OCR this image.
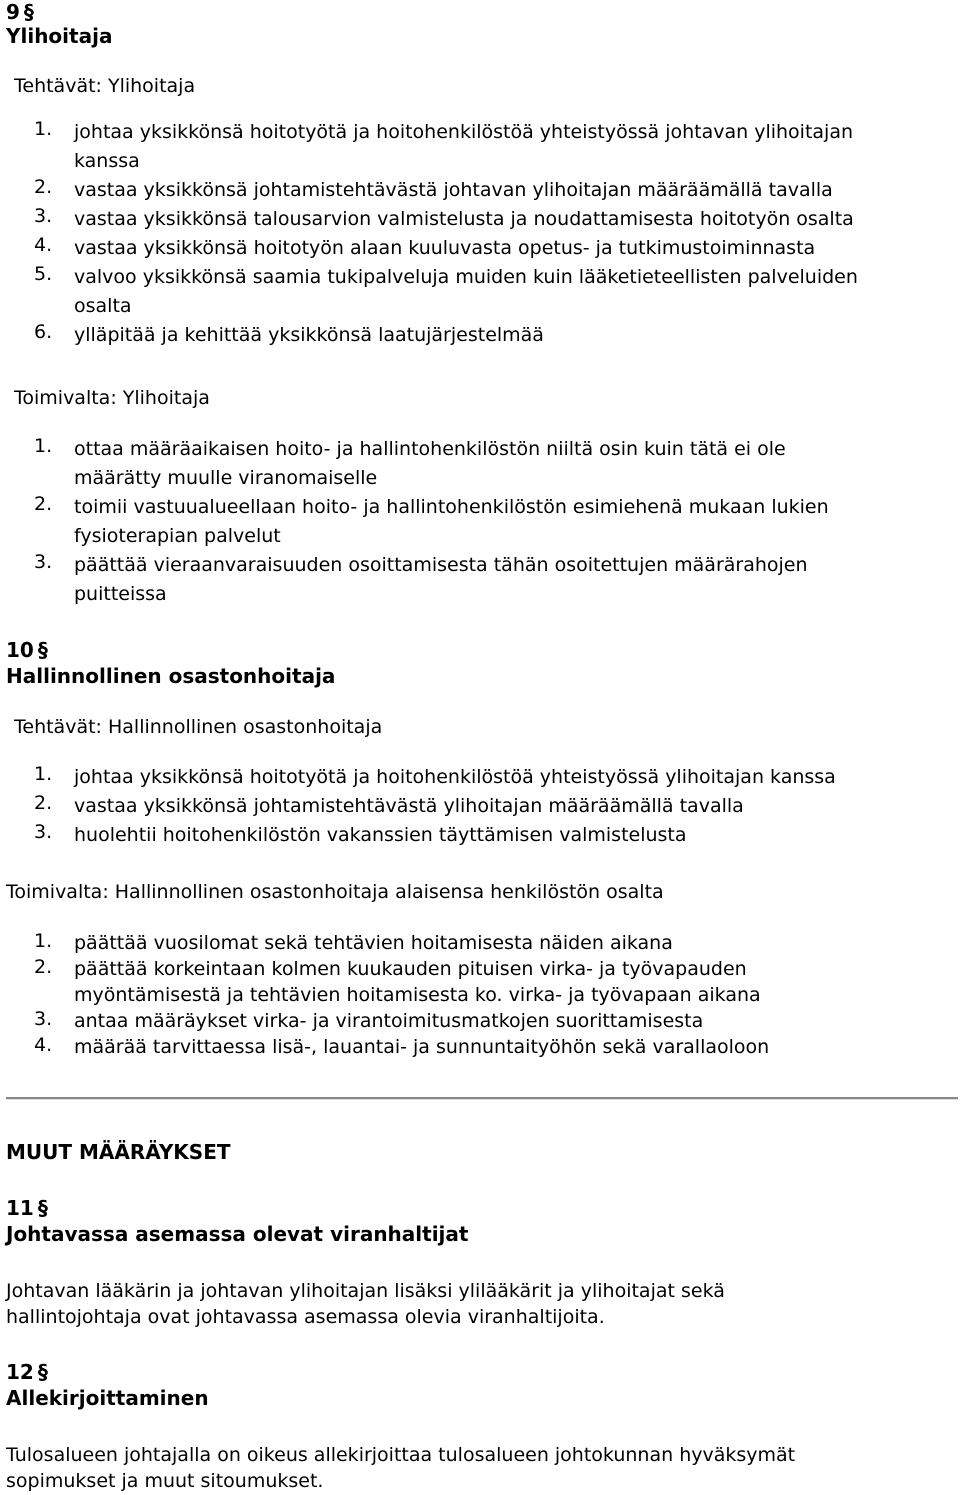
9 §
Ylihoitaja
Tehtävät: Ylihoitaja
1.	johtaa yksikkönsä hoitotyötä ja hoitohenkilöstöä yhteistyössä johtavan ylihoitajan
kanssa
2.	vastaa yksikkönsä johtamistehtävästä johtavan ylihoitajan määräämällä tavalla
3.	vastaa yksikkönsä talousarvion valmistelusta ja noudattamisesta hoitotyön osalta
4.	vastaa yksikkönsä hoitotyön alaan kuuluvasta opetus- ja tutkimustoiminnasta
5.	valvoo yksikkönsä saamia tukipalveluja muiden kuin lääketieteellisten palveluiden
osalta
6.	ylläpitää ja kehittää yksikkönsä laatujärjestelmää
Toimivalta: Ylihoitaja
1.	ottaa määräaikaisen hoito- ja hallintohenkilöstön niiltä osin kuin tätä ei ole
määrätty muulle viranomaiselle
2.	toimii vastuualueellaan hoito- ja hallintohenkilöstön esimiehenä mukaan lukien
fysioterapian palvelut
3.	päättää vieraanvaraisuuden osoittamisesta tähän osoitettujen määrärahojen
puitteissa
10 §
Hallinnollinen osastonhoitaja
Tehtävät: Hallinnollinen osastonhoitaja
1.	johtaa yksikkönsä hoitotyötä ja hoitohenkilöstöä yhteistyössä ylihoitajan kanssa
2.	vastaa yksikkönsä johtamistehtävästä ylihoitajan määräämällä tavalla
3.	huolehtii hoitohenkilöstön vakanssien täyttämisen valmistelusta
Toimivalta: Hallinnollinen osastonhoitaja alaisensa henkilöstön osalta
1.	päättää vuosilomat sekä tehtävien hoitamisesta näiden aikana
2.	päättää korkeintaan kolmen kuukauden pituisen virka- ja työvapauden
myöntämisestä ja tehtävien hoitamisesta ko. virka- ja työvapaan aikana
3.	antaa määräykset virka- ja virantoimitusmatkojen suorittamisesta
4.	määrää tarvittaessa lisä-, lauantai- ja sunnuntaityöhön sekä varallaoloon
MUUT MÄÄRÄYKSET
11 §
Johtavassa asemassa olevat viranhaltijat
Johtavan lääkärin ja johtavan ylihoitajan lisäksi ylilääkärit ja ylihoitajat sekä
hallintojohtaja ovat johtavassa asemassa olevia viranhaltijoita.
12 §
Allekirjoittaminen
Tulosalueen johtajalla on oikeus allekirjoittaa tulosalueen johtokunnan hyväksymät
sopimukset ja muut sitoumukset.
